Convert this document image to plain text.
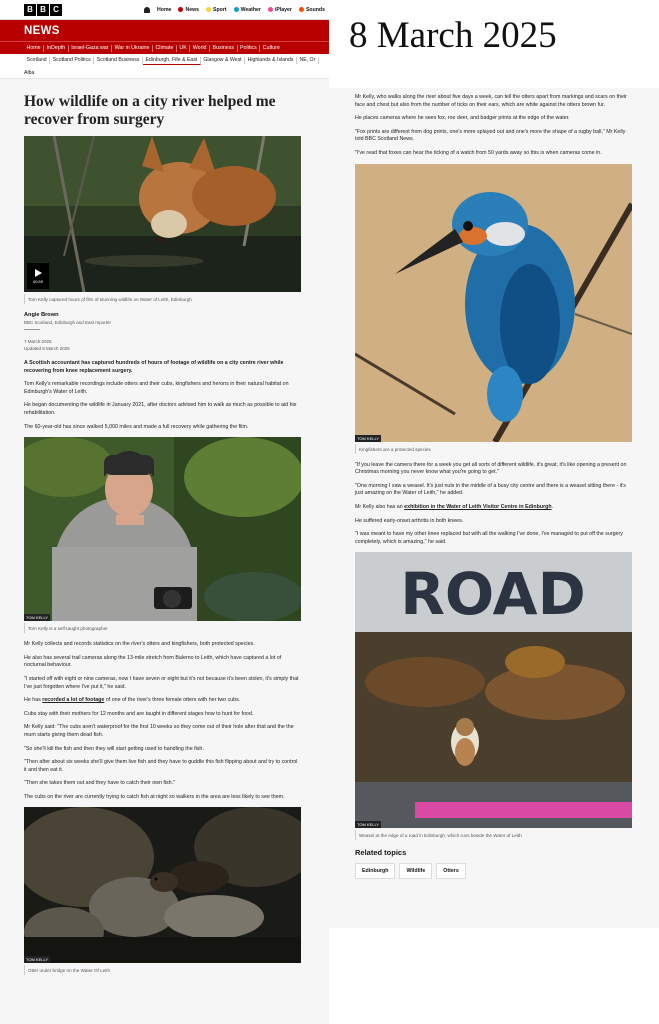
B B C	Home	News	Sport	Weather	iPlayer	Sounds
NEWS
Home	InDepth	Israel-Gaza war	War in Ukraine	Climate	UK	World	Business	Politics	Culture
Scotland	Scotland Politics	Scotland Business	Edinburgh, Fife & East	Glasgow & West	Highlands & Islands	NE, Or
Alba
How wildlife on a city river helped me recover from surgery
00:59
Tom Kelly captured hours of film of stunning wildlife on Water of Leith, Edinburgh
Angie Brown
BBC Scotland, Edinburgh and East reporter
7 March 2025
Updated 8 March 2025

A Scottish accountant has captured hundreds of hours of footage of wildlife on a city centre river while recovering from knee replacement surgery.

Tom Kelly's remarkable recordings include otters and their cubs, kingfishers and herons in their natural habitat on Edinburgh's Water of Leith.

He began documenting the wildlife in January 2021, after doctors advised him to walk as much as possible to aid his rehabilitation.

The 60-year-old has since walked 5,000 miles and made a full recovery while gathering the film.

TOM KELLY
Tom Kelly is a self-taught photographer

Mr Kelly collects and records statistics on the river's otters and kingfishers, both protected species.

He also has several trail cameras along the 13-mile stretch from Balerno to Leith, which have captured a lot of nocturnal behaviour.

"I started off with eight or nine cameras, now I have seven or eight but it's not because it's been stolen, it's simply that I've just forgotten where I've put it," he said.

He has recorded a lot of footage of one of the river's three female otters with her two cubs.

Cubs stay with their mothers for 12 months and are taught in different stages how to hunt for food.

Mr Kelly said: "The cubs aren't waterproof for the first 10 weeks so they come out of their hole after that and the the mum starts giving them dead fish.

"So she'll kill the fish and then they will start getting used to handling the fish.

"Then after about six weeks she'll give them live fish and they have to guddle this fish flipping about and try to control it and then eat it.

"Then she takes them out and they have to catch their own fish."

The cubs on the river are currently trying to catch fish at night so walkers in the area are less likely to see them.

TOM KELLY
Otter under bridge on the Water Of Leith
8 March 2025

Mr Kelly, who walks along the river about five days a week, can tell the otters apart from markings and scars on their face and chest but also from the number of ticks on their ears, which are white against the otters brown fur.

He places cameras where he sees fox, roe deer, and badger prints at the edge of the water.

"Fox prints are different from dog prints, one's more splayed out and one's more the shape of a rugby ball," Mr Kelly told BBC Scotland News.

"I've read that foxes can hear the ticking of a watch from 50 yards away so this is when cameras come in.

TOM KELLY
Kingfishers are a protected species

"If you leave the camera there for a week you get all sorts of different wildlife, it's great, it's like opening a present on Christmas morning you never know what you're going to get."

"One morning I saw a weasel. It's just nuts in the middle of a busy city centre and there is a weasel sitting there - it's just amazing on the Water of Leith," he added.

Mr Kelly also has an exhibition in the Water of Leith Visitor Centre in Edinburgh.

He suffered early-onset arthritis in both knees.

"I was meant to have my other knee replaced but with all the walking I've done, I've managed to put off the surgery completely, which is amazing," he said.

ROAD
TOM KELLY
Weasel at the edge of a road in Edinburgh, which runs beside the Water of Leith
Related topics
Edinburgh	Wildlife	Otters
